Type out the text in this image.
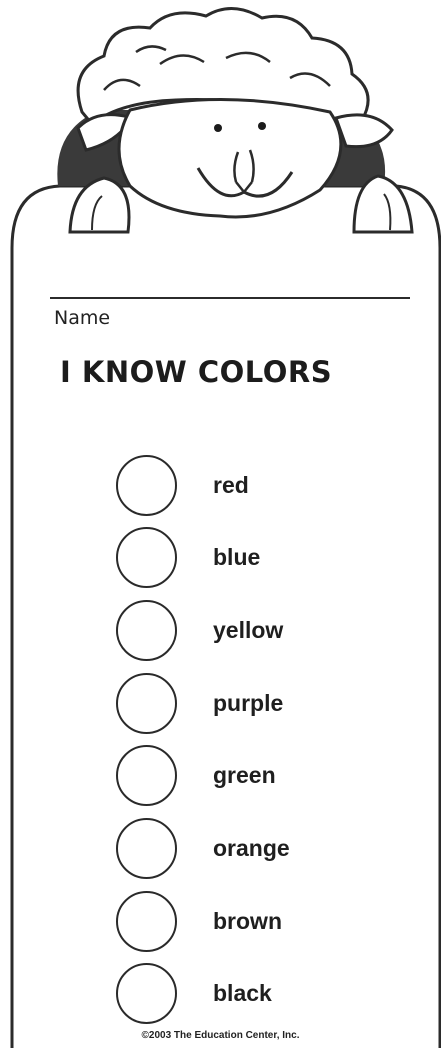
Name

I KNOW COLORS
red
blue
yellow
purple
green
orange
brown
black

©2003 The Education Center, Inc.
